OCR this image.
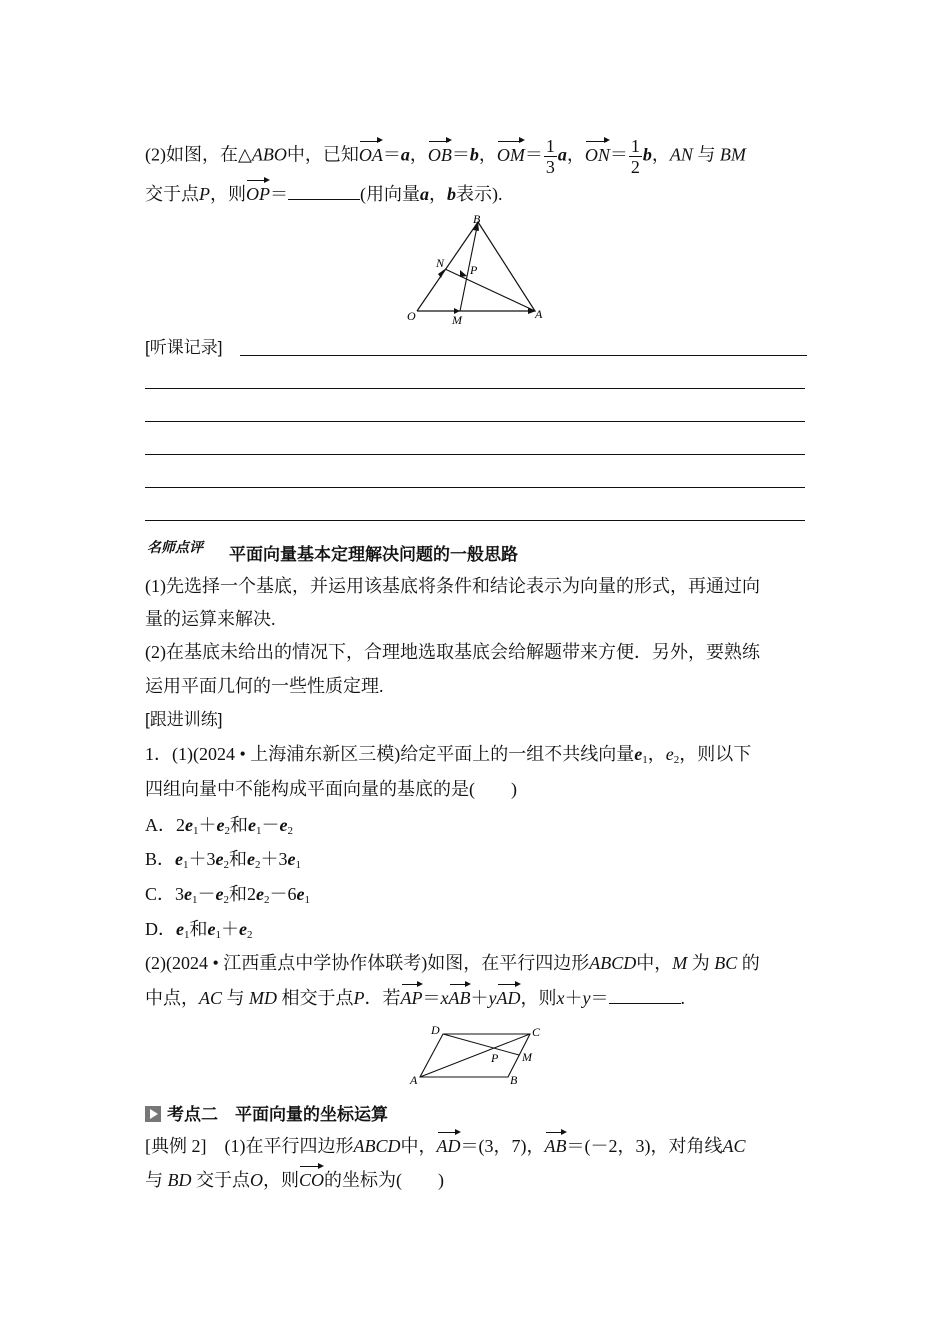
(2)如图，在△ABO中，已知OA＝a，OB＝b，$OM= \frac{1}{3}$ a，$ON= \frac{1}{2}$ b，AN 与 BM
交于点P，则OP＝	(用向量a，b表示).
B
N P
O	M	A
[听课记录]
名师点评 平面向量基本定理解决问题的一般思路
(1)先选择一个基底，并运用该基底将条件和结论表示为向量的形式，再通过向
量的运算来解决.
(2)在基底未给出的情况下，合理地选取基底会给解题带来方便．另外，要熟练
运用平面几何的一些性质定理.
[跟进训练]
1．(1)(2024 • 上海浦东新区三模)给定平面上的一组不共线向量$e_1$，$e_2$，则以下
四组向量中不能构成平面向量的基底的是(　　)
A．$2e_1+e_2$和$e_1-e_2$
B．$e_1+3e_2$和$e_2+3e_1$
C．$3e_1-e_2$和$2e_2-6e_1$
D．$e_1$和$e_1+e_2$
(2)(2024 • 江西重点中学协作体联考)如图，在平行四边形ABCD中，M 为 BC 的
中点，AC 与 MD 相交于点P．若AP＝xAB＋yAD，则x＋y＝	.
D	C
P M
A	B
考点二　平面向量的坐标运算
[典例 2]　 (1)在平行四边形ABCD中，AD＝(3，7)，AB＝(－2，3)，对角线AC
与 BD 交于点O，则CO的坐标为(　　)
